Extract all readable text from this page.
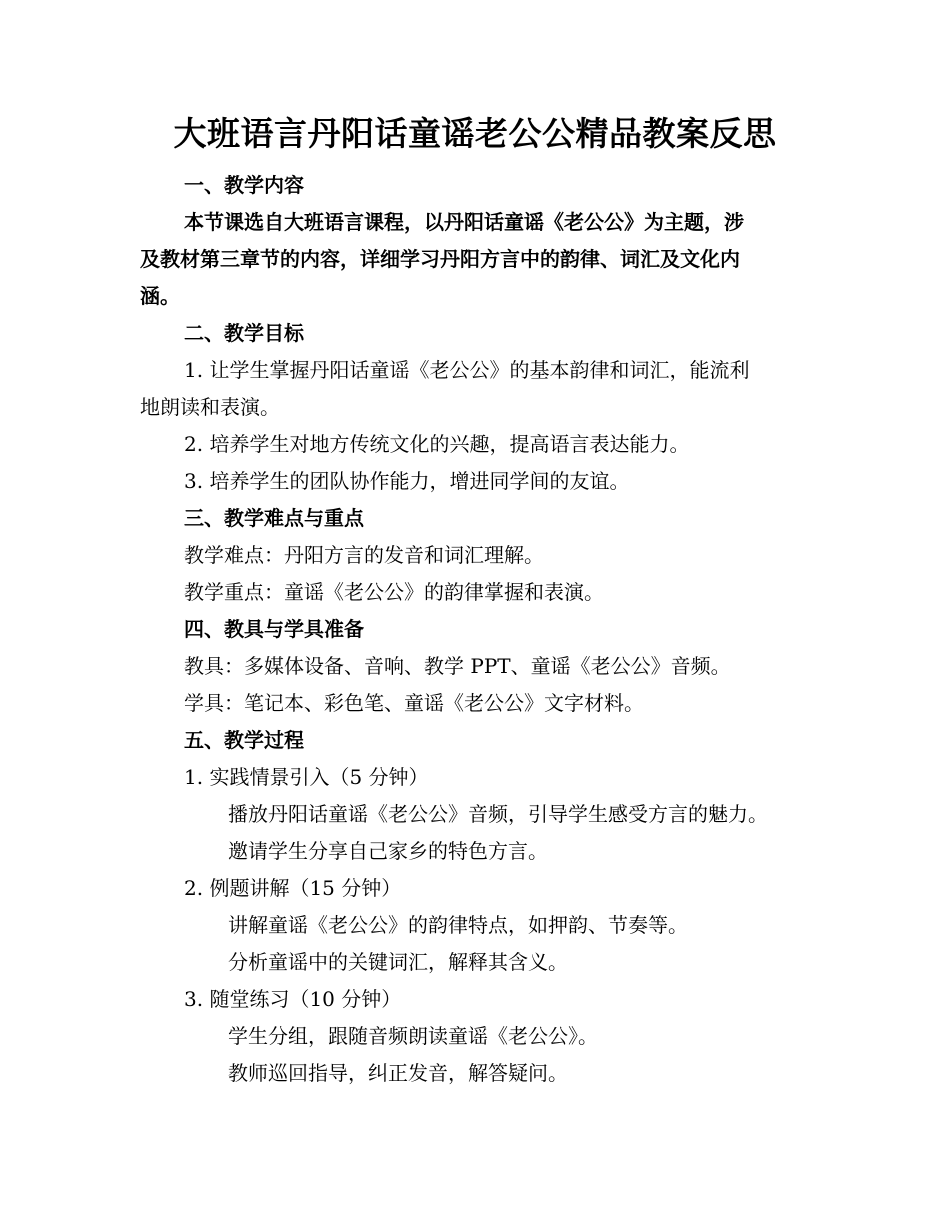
大班语言丹阳话童谣老公公精品教案反思
一、教学内容
本节课选自大班语言课程，以丹阳话童谣《老公公》为主题，涉
及教材第三章节的内容，详细学习丹阳方言中的韵律、词汇及文化内
涵。
二、教学目标
1. 让学生掌握丹阳话童谣《老公公》的基本韵律和词汇，能流利
地朗读和表演。
2. 培养学生对地方传统文化的兴趣，提高语言表达能力。
3. 培养学生的团队协作能力，增进同学间的友谊。
三、教学难点与重点
教学难点：丹阳方言的发音和词汇理解。
教学重点：童谣《老公公》的韵律掌握和表演。
四、教具与学具准备
教具：多媒体设备、音响、教学 PPT、童谣《老公公》音频。
学具：笔记本、彩色笔、童谣《老公公》文字材料。
五、教学过程
1. 实践情景引入（5 分钟）
播放丹阳话童谣《老公公》音频，引导学生感受方言的魅力。
邀请学生分享自己家乡的特色方言。
2. 例题讲解（15 分钟）
讲解童谣《老公公》的韵律特点，如押韵、节奏等。
分析童谣中的关键词汇，解释其含义。
3. 随堂练习（10 分钟）
学生分组，跟随音频朗读童谣《老公公》。
教师巡回指导，纠正发音，解答疑问。
